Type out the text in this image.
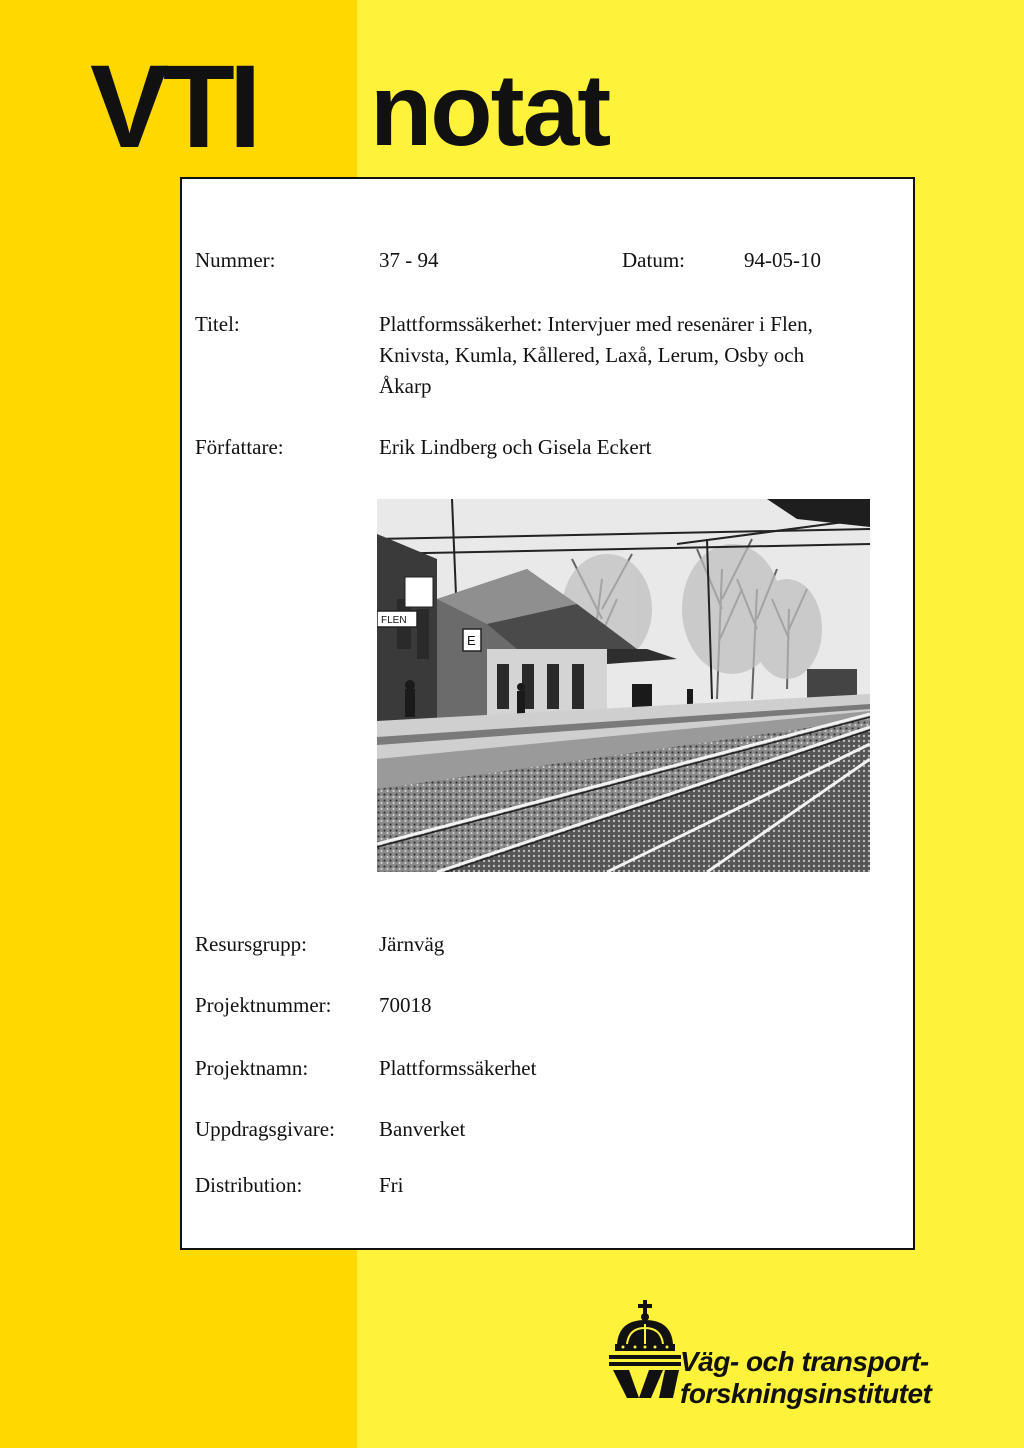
VTI notat
Nummer:	37 - 94	Datum:	94-05-10
Titel:	Plattformssäkerhet: Intervjuer med resenärer i Flen,
Knivsta, Kumla, Kållered, Laxå, Lerum, Osby och
Åkarp
Författare:	Erik Lindberg och Gisela Eckert
FLEN
E
Resursgrupp:	Järnväg
Projektnummer: 70018
Projektnamn:	Plattformssäkerhet
Uppdragsgivare: Banverket
Distribution:	Fri
Väg- och transport-
forskningsinstitutet
